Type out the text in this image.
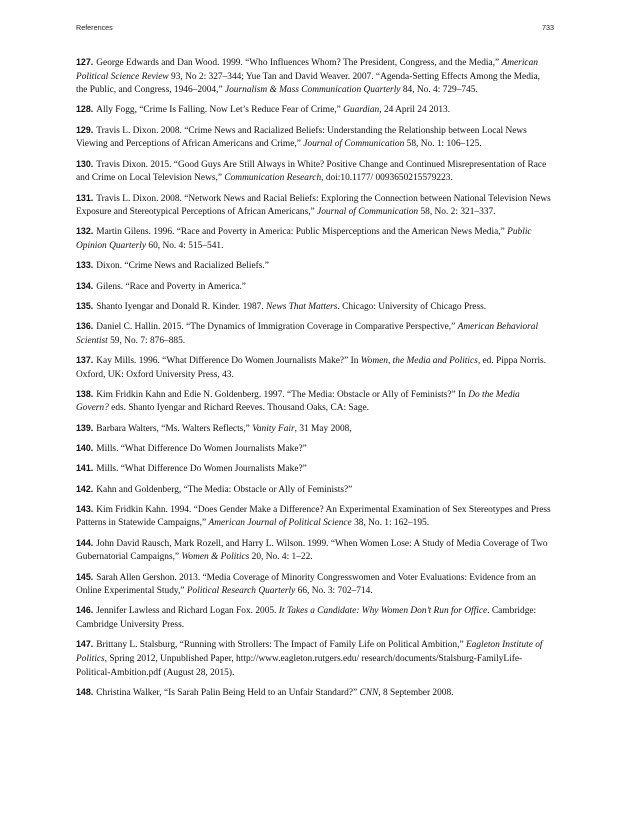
References	733

127. George Edwards and Dan Wood. 1999. “Who Influences Whom? The President, Congress, and the Media,” American Political Science Review 93, No 2: 327–344; Yue Tan and David Weaver. 2007. “Agenda-Setting Effects Among the Media, the Public, and Congress, 1946–2004,” Journalism & Mass Communication Quarterly 84, No. 4: 729–745.

128. Ally Fogg, “Crime Is Falling. Now Let’s Reduce Fear of Crime,” Guardian, 24 April 24 2013.

129. Travis L. Dixon. 2008. “Crime News and Racialized Beliefs: Understanding the Relationship between Local News Viewing and Perceptions of African Americans and Crime,” Journal of Communication 58, No. 1: 106–125.

130. Travis Dixon. 2015. “Good Guys Are Still Always in White? Positive Change and Continued Misrepresentation of Race and Crime on Local Television News,” Communication Research, doi:10.1177/ 0093650215579223.

131. Travis L. Dixon. 2008. “Network News and Racial Beliefs: Exploring the Connection between National Television News Exposure and Stereotypical Perceptions of African Americans,” Journal of Communication 58, No. 2: 321–337.

132. Martin Gilens. 1996. “Race and Poverty in America: Public Misperceptions and the American News Media,” Public Opinion Quarterly 60, No. 4: 515–541.

133. Dixon. “Crime News and Racialized Beliefs.”

134. Gilens. “Race and Poverty in America.”

135. Shanto Iyengar and Donald R. Kinder. 1987. News That Matters. Chicago: University of Chicago Press.

136. Daniel C. Hallin. 2015. “The Dynamics of Immigration Coverage in Comparative Perspective,” American Behavioral Scientist 59, No. 7: 876–885.

137. Kay Mills. 1996. “What Difference Do Women Journalists Make?” In Women, the Media and Politics, ed. Pippa Norris. Oxford, UK: Oxford University Press, 43.

138. Kim Fridkin Kahn and Edie N. Goldenberg. 1997. “The Media: Obstacle or Ally of Feminists?” In Do the Media Govern? eds. Shanto Iyengar and Richard Reeves. Thousand Oaks, CA: Sage.

139. Barbara Walters, “Ms. Walters Reflects,” Vanity Fair, 31 May 2008,

140. Mills. “What Difference Do Women Journalists Make?”

141. Mills. “What Difference Do Women Journalists Make?”

142. Kahn and Goldenberg, “The Media: Obstacle or Ally of Feminists?”

143. Kim Fridkin Kahn. 1994. “Does Gender Make a Difference? An Experimental Examination of Sex Stereotypes and Press Patterns in Statewide Campaigns,” American Journal of Political Science 38, No. 1: 162–195.

144. John David Rausch, Mark Rozell, and Harry L. Wilson. 1999. “When Women Lose: A Study of Media Coverage of Two Gubernatorial Campaigns,” Women & Politics 20, No. 4: 1–22.

145. Sarah Allen Gershon. 2013. “Media Coverage of Minority Congresswomen and Voter Evaluations: Evidence from an Online Experimental Study,” Political Research Quarterly 66, No. 3: 702–714.

146. Jennifer Lawless and Richard Logan Fox. 2005. It Takes a Candidate: Why Women Don’t Run for Office. Cambridge: Cambridge University Press.

147. Brittany L. Stalsburg, “Running with Strollers: The Impact of Family Life on Political Ambition,” Eagleton Institute of Politics, Spring 2012, Unpublished Paper, http://www.eagleton.rutgers.edu/ research/documents/Stalsburg-FamilyLife-Political-Ambition.pdf (August 28, 2015).

148. Christina Walker, “Is Sarah Palin Being Held to an Unfair Standard?” CNN, 8 September 2008.
